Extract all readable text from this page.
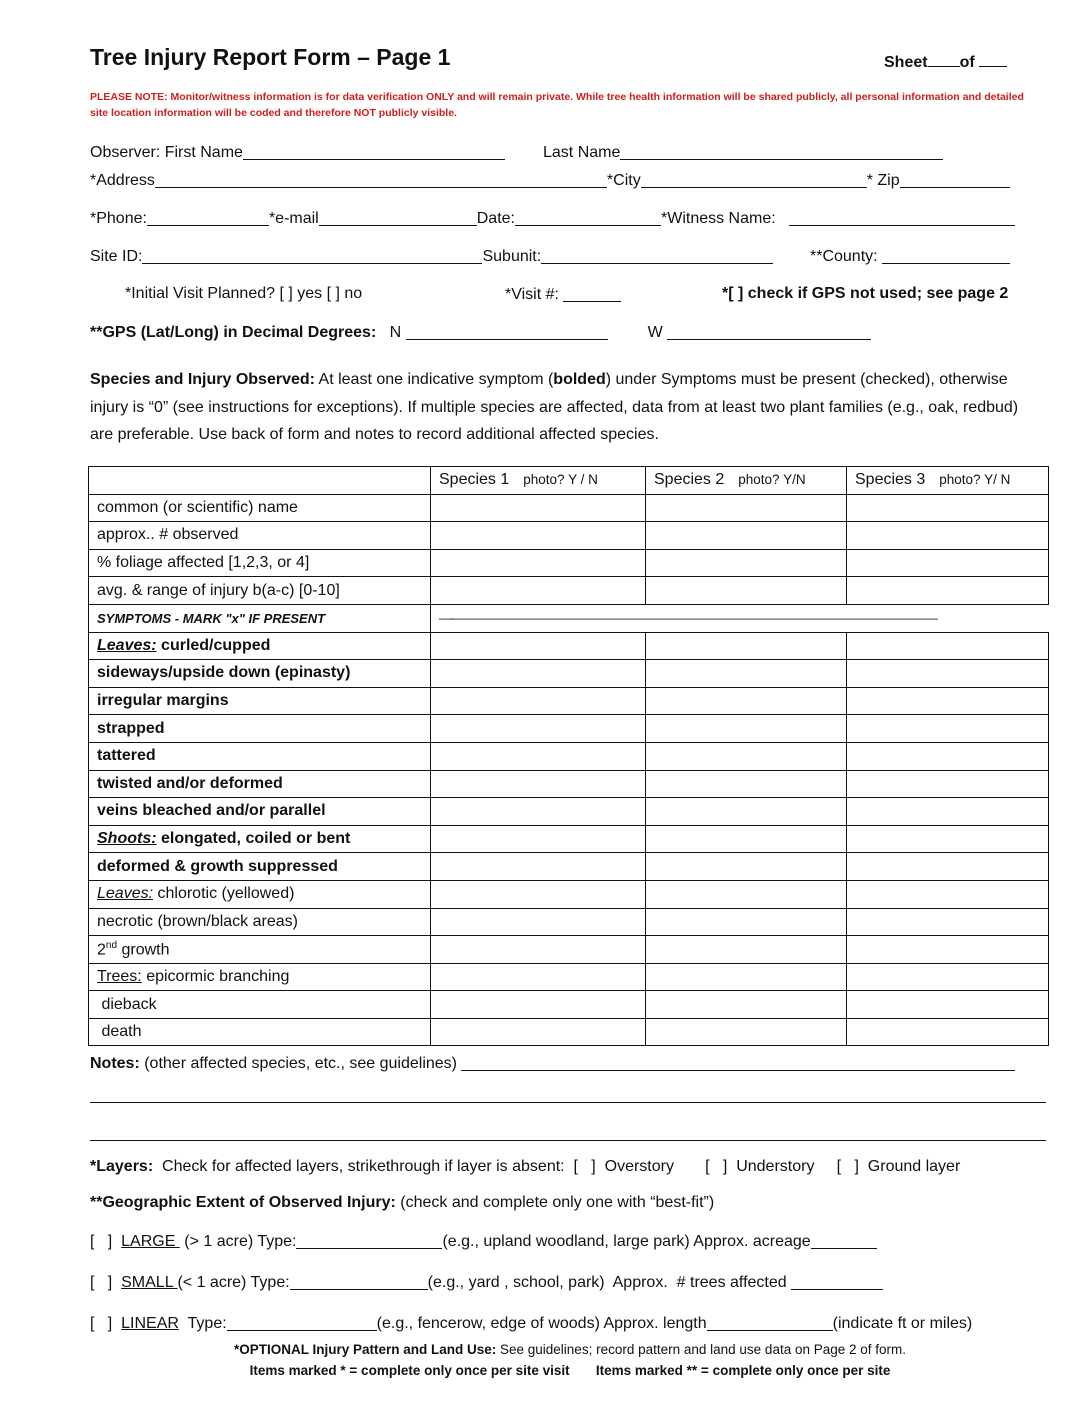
Tree Injury Report Form – Page 1	Sheet of
PLEASE NOTE: Monitor/witness information is for data verification ONLY and will remain private. While tree health information will be shared publicly, all personal information and detailed site location information will be coded and therefore NOT publicly visible.
Observer: First Name	Last Name
*Address	*City	* Zip
*Phone:	*e-mail	Date:	*Witness Name:
Site ID:	Subunit:	**County:
*Initial Visit Planned? [ ] yes [ ] no	*Visit #:	*[ ] check if GPS not used; see page 2
**GPS (Lat/Long) in Decimal Degrees: N	W
Species and Injury Observed: At least one indicative symptom (bolded) under Symptoms must be present (checked), otherwise injury is “0” (see instructions for exceptions). If multiple species are affected, data from at least two plant families (e.g., oak, redbud) are preferable. Use back of form and notes to record additional affected species.
	Species 1 photo? Y / N	Species 2 photo? Y/N	Species 3 photo? Y/ N
common (or scientific) name			
approx.. # observed			
% foliage affected [1,2,3, or 4]			
avg. & range of injury b(a-c) [0-10]			
SYMPTOMS - MARK "x" IF PRESENT	—-————————————————————————————————————————————		
Leaves: curled/cupped			
sideways/upside down (epinasty)			
irregular margins			
strapped			
tattered			
twisted and/or deformed			
veins bleached and/or parallel			
Shoots: elongated, coiled or bent			
deformed & growth suppressed			
Leaves: chlorotic (yellowed)			
necrotic (brown/black areas)			
2nd growth			
Trees: epicormic branching			
dieback			
death			
Notes: (other affected species, etc., see guidelines)
*Layers:  Check for affected layers, strikethrough if layer is absent:  [   ]  Overstory       [   ]  Understory     [   ]  Ground layer
**Geographic Extent of Observed Injury: (check and complete only one with “best-fit”)
[   ]  LARGE  (> 1 acre) Type:	(e.g., upland woodland, large park) Approx. acreage
[   ]  SMALL (< 1 acre) Type:	(e.g., yard , school, park)  Approx.  # trees affected
[   ]  LINEAR  Type:	(e.g., fencerow, edge of woods) Approx. length	(indicate ft or miles)
*OPTIONAL Injury Pattern and Land Use: See guidelines; record pattern and land use data on Page 2 of form.
Items marked * = complete only once per site visit       Items marked ** = complete only once per site
